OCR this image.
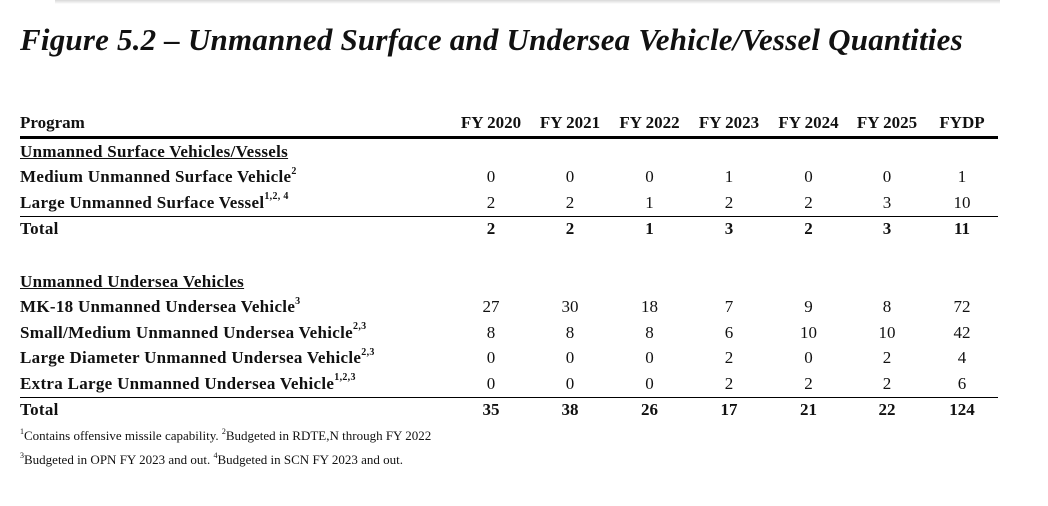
Figure 5.2 – Unmanned Surface and Undersea Vehicle/Vessel Quantities
Program	FY 2020	FY 2021	FY 2022	FY 2023	FY 2024	FY 2025	FYDP
Unmanned Surface Vehicles/Vessels							
Medium Unmanned Surface Vehicle$^2$	0	0	0	1	0	0	1
Large Unmanned Surface Vessel$^{1,2, 4}$	2	2	1	2	2	3	10
Total	2	2	1	3	2	3	11

Unmanned Undersea Vehicles							
MK-18 Unmanned Undersea Vehicle$^3$	27	30	18	7	9	8	72
Small/Medium Unmanned Undersea Vehicle$^{2,3}$	8	8	8	6	10	10	42
Large Diameter Unmanned Undersea Vehicle$^{2,3}$	0	0	0	2	0	2	4
Extra Large Unmanned Undersea Vehicle$^{1,2,3}$	0	0	0	2	2	2	6
Total	35	38	26	17	21	22	124
$^1$Contains offensive missile capability. $^2$Budgeted in RDTE,N through FY 2022
$^3$Budgeted in OPN FY 2023 and out. $^4$Budgeted in SCN FY 2023 and out.
